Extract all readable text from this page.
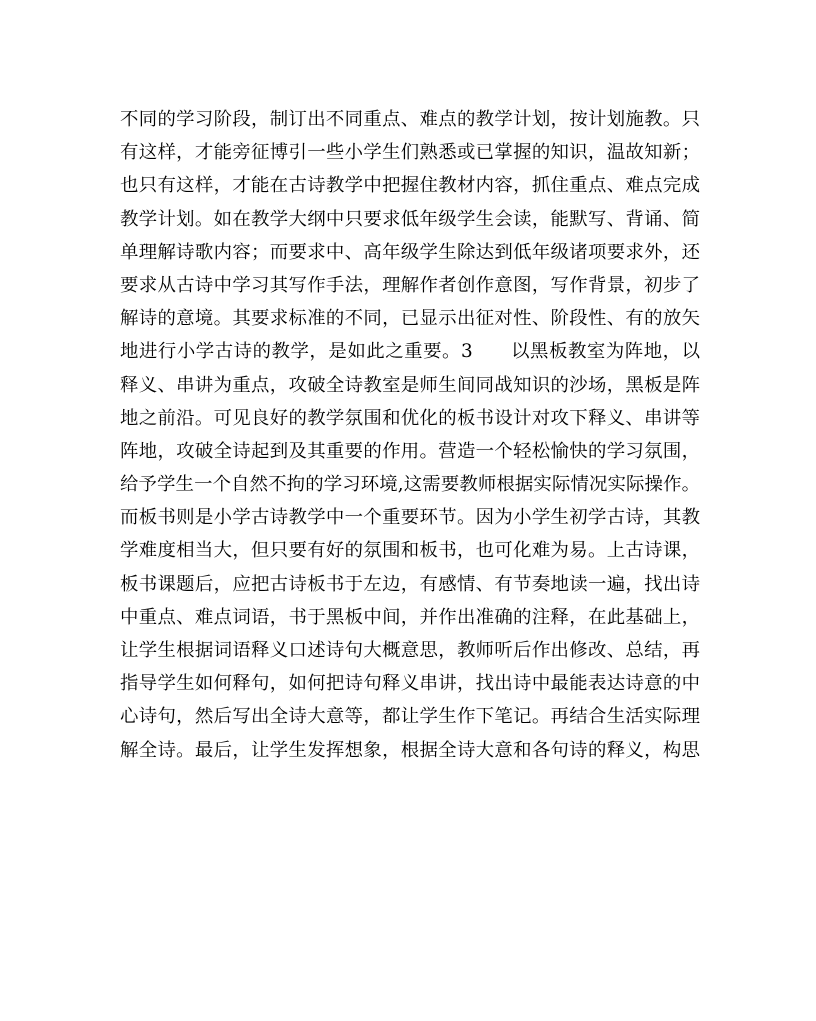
不同的学习阶段，制订出不同重点、难点的教学计划，按计划施教。只
有这样，才能旁征博引一些小学生们熟悉或已掌握的知识，温故知新；
也只有这样，才能在古诗教学中把握住教材内容，抓住重点、难点完成
教学计划。如在教学大纲中只要求低年级学生会读，能默写、背诵、简
单理解诗歌内容；而要求中、高年级学生除达到低年级诸项要求外，还
要求从古诗中学习其写作手法，理解作者创作意图，写作背景，初步了
解诗的意境。其要求标准的不同，已显示出征对性、阶段性、有的放矢
地进行小学古诗的教学，是如此之重要。3　　以黑板教室为阵地，以
释义、串讲为重点，攻破全诗教室是师生间同战知识的沙场，黑板是阵
地之前沿。可见良好的教学氛围和优化的板书设计对攻下释义、串讲等
阵地，攻破全诗起到及其重要的作用。营造一个轻松愉快的学习氛围，
给予学生一个自然不拘的学习环境,这需要教师根据实际情况实际操作。
而板书则是小学古诗教学中一个重要环节。因为小学生初学古诗，其教
学难度相当大，但只要有好的氛围和板书，也可化难为易。上古诗课，
板书课题后，应把古诗板书于左边，有感情、有节奏地读一遍，找出诗
中重点、难点词语，书于黑板中间，并作出准确的注释，在此基础上，
让学生根据词语释义口述诗句大概意思，教师听后作出修改、总结，再
指导学生如何释句，如何把诗句释义串讲，找出诗中最能表达诗意的中
心诗句，然后写出全诗大意等，都让学生作下笔记。再结合生活实际理
解全诗。最后，让学生发挥想象，根据全诗大意和各句诗的释义，构思
